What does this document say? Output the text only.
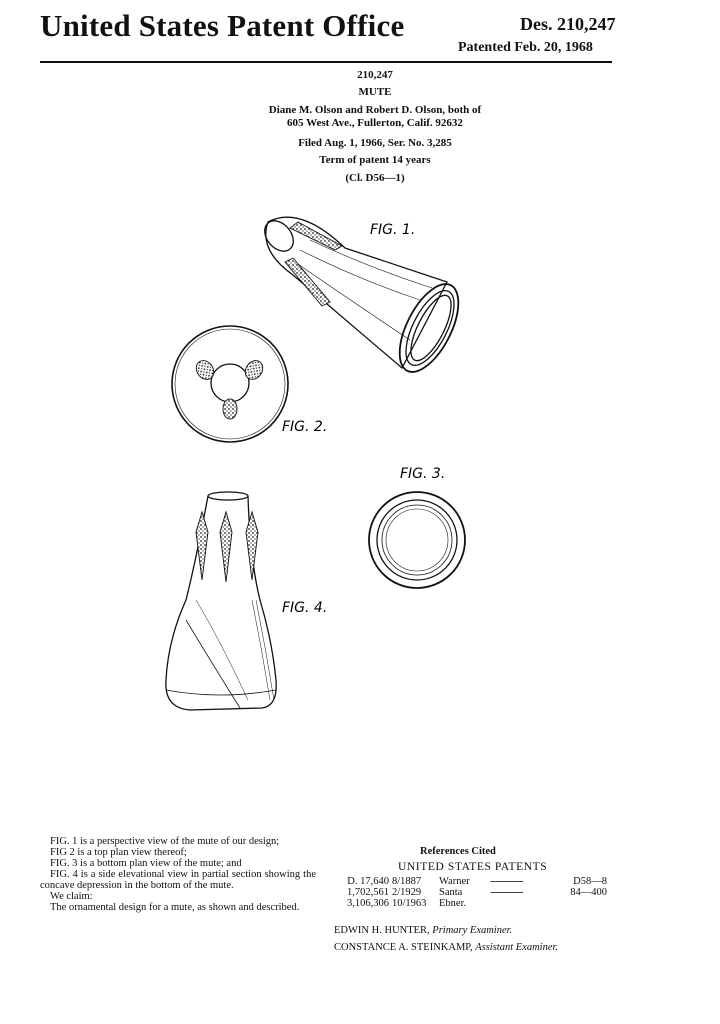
United States Patent Office	Des. 210,247
Patented Feb. 20, 1968
210,247
MUTE
Diane M. Olson and Robert D. Olson, both of
605 West Ave., Fullerton, Calif. 92632
Filed Aug. 1, 1966, Ser. No. 3,285
Term of patent 14 years
(Cl. D56—1)
FIG. 1.
FIG. 2.
FIG. 3.
FIG. 4.

FIG. 1 is a perspective view of the mute of our design;

FIG 2 is a top plan view thereof;

FIG. 3 is a bottom plan view of the mute; and

FIG. 4 is a side elevational view in partial section showing the concave depression in the bottom of the mute.

We claim:

The ornamental design for a mute, as shown and described.

References Cited
UNITED STATES PATENTS
D. 17,640	8/1887	Warner	-------------	D58—8
1,702,561	2/1929	Santa	-------------	84—400
3,106,306	10/1963	Ebner.		
EDWIN H. HUNTER, Primary Examiner.
CONSTANCE A. STEINKAMP, Assistant Examiner.
